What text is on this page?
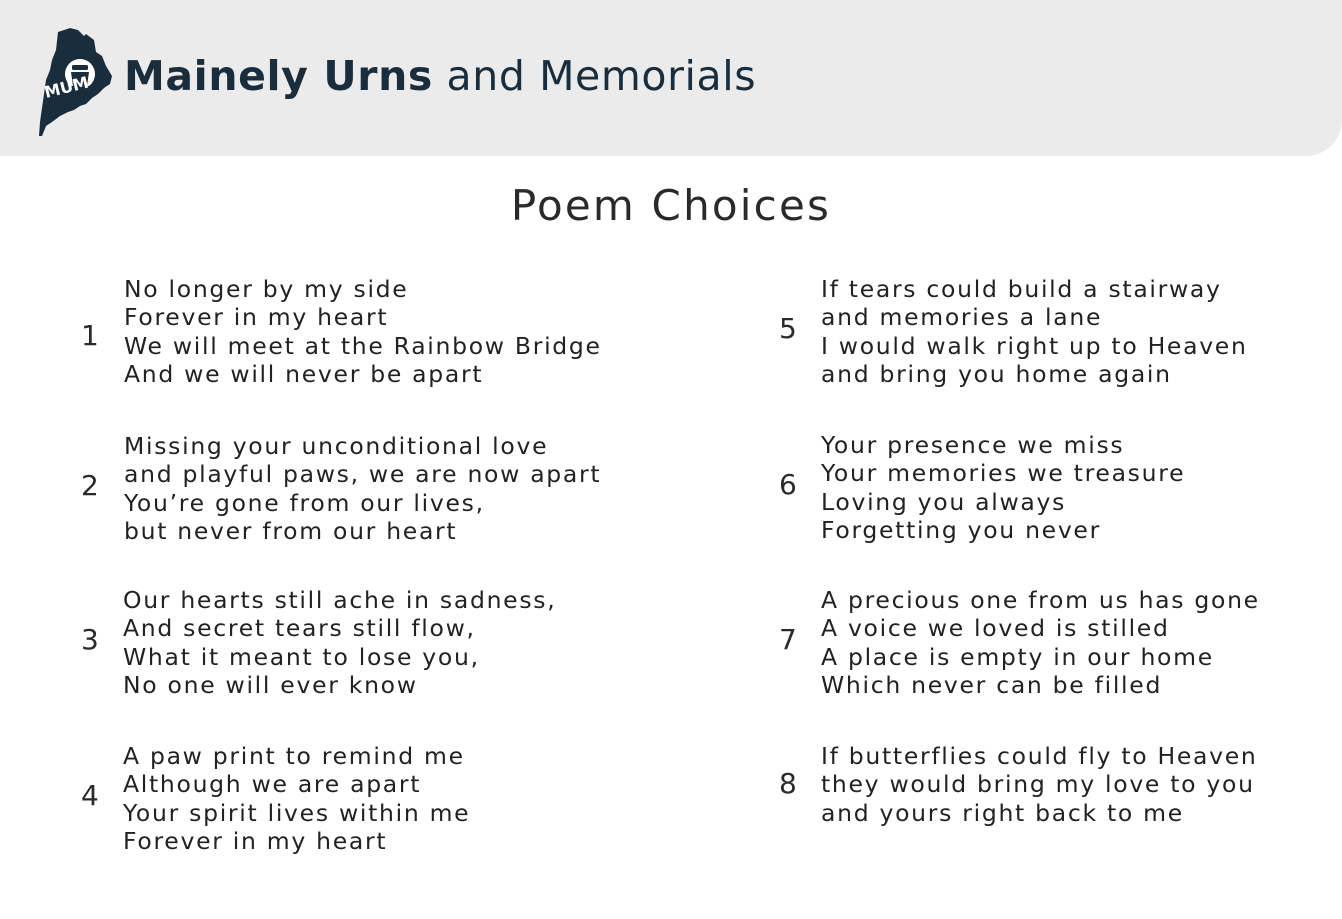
MUM Mainely Urns and Memorials
Poem Choices
1
No longer by my side
Forever in my heart
We will meet at the Rainbow Bridge
And we will never be apart
2
Missing your unconditional love
and playful paws, we are now apart
You’re gone from our lives,
but never from our heart
3
Our hearts still ache in sadness,
And secret tears still flow,
What it meant to lose you,
No one will ever know
4
A paw print to remind me
Although we are apart
Your spirit lives within me
Forever in my heart
5
If tears could build a stairway
and memories a lane
I would walk right up to Heaven
and bring you home again
6
Your presence we miss
Your memories we treasure
Loving you always
Forgetting you never
7
A precious one from us has gone
A voice we loved is stilled
A place is empty in our home
Which never can be filled
8
If butterflies could fly to Heaven
they would bring my love to you
and yours right back to me
